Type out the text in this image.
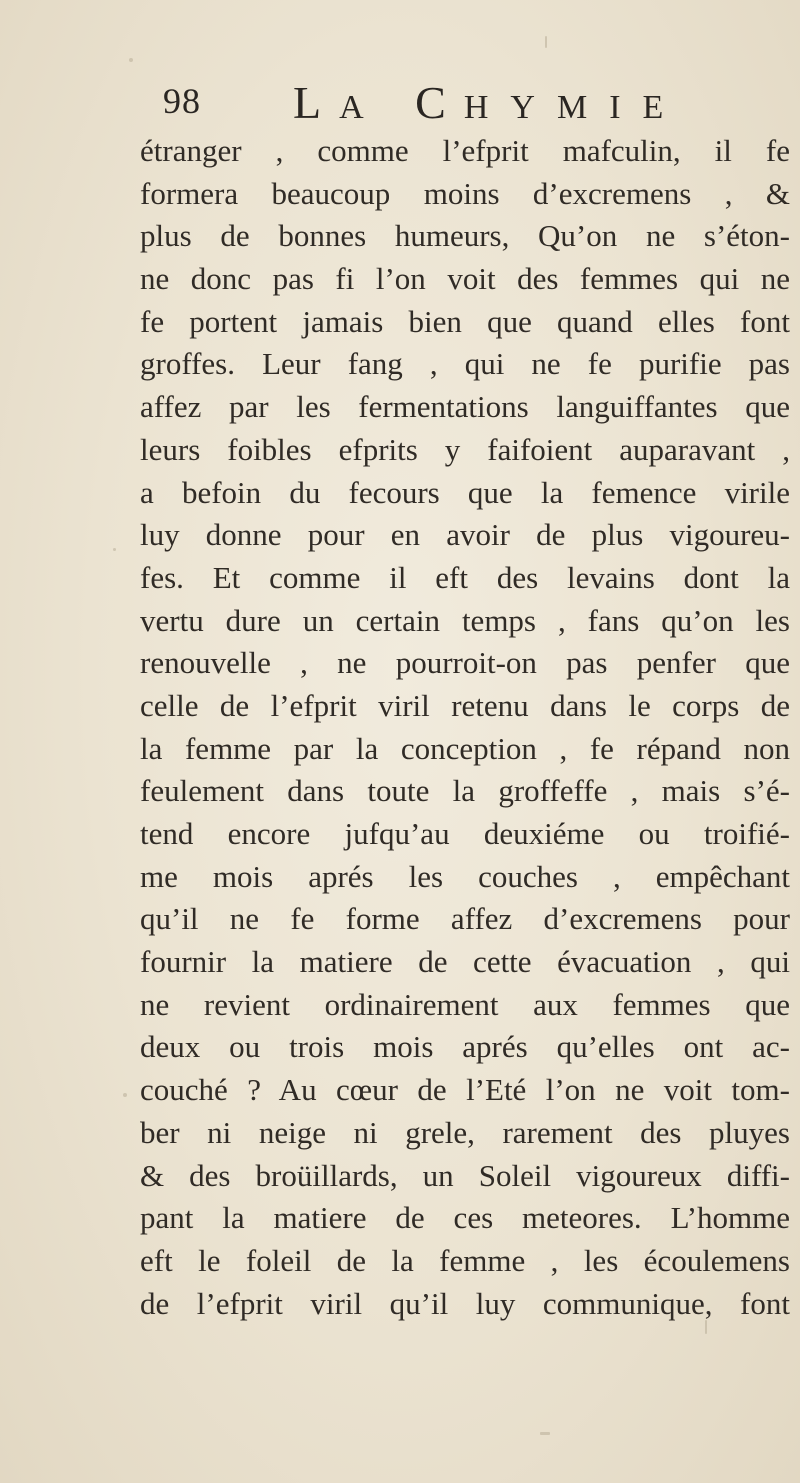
98 LA CHYMIE
étranger , comme l’efprit mafculin, il fe
formera beaucoup moins d’excremens , &
plus de bonnes humeurs, Qu’on ne s’éton-
ne donc pas fi l’on voit des femmes qui ne
fe portent jamais bien que quand elles font
groffes. Leur fang , qui ne fe purifie pas
affez par les fermentations languiffantes que
leurs foibles efprits y faifoient auparavant ,
a befoin du fecours que la femence virile
luy donne pour en avoir de plus vigoureu-
fes. Et comme il eft des levains dont la
vertu dure un certain temps , fans qu’on les
renouvelle , ne pourroit-on pas penfer que
celle de l’efprit viril retenu dans le corps de
la femme par la conception , fe répand non
feulement dans toute la groffeffe , mais s’é-
tend encore jufqu’au deuxiéme ou troifié-
me mois aprés les couches , empêchant
qu’il ne fe forme affez d’excremens pour
fournir la matiere de cette évacuation , qui
ne revient ordinairement aux femmes que
deux ou trois mois aprés qu’elles ont ac-
couché ? Au cœur de l’Eté l’on ne voit tom-
ber ni neige ni grele, rarement des pluyes
& des broüillards, un Soleil vigoureux diffi-
pant la matiere de ces meteores. L’homme
eft le foleil de la femme , les écoulemens
de l’efprit viril qu’il luy communique, font
